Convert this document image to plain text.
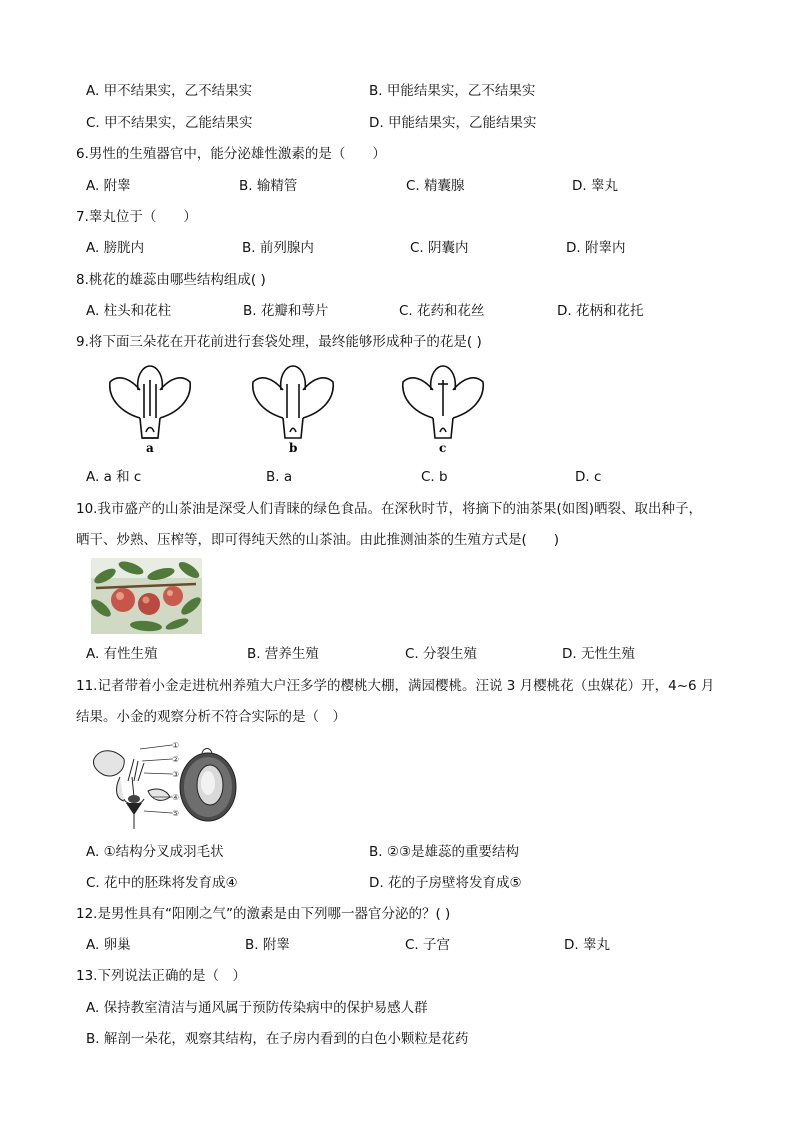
A. 甲不结果实，乙不结果实	B. 甲能结果实，乙不结果实
C. 甲不结果实，乙能结果实	D. 甲能结果实，乙能结果实
6.男性的生殖器官中，能分泌雄性激素的是（　　）
A. 附睾	B. 输精管	C. 精囊腺	D. 睾丸
7.睾丸位于（　　）
A. 膀胱内	B. 前列腺内	C. 阴囊内	D. 附睾内
8.桃花的雄蕊由哪些结构组成( )
A. 柱头和花柱	B. 花瓣和萼片	C. 花药和花丝	D. 花柄和花托
9.将下面三朵花在开花前进行套袋处理，最终能够形成种子的花是( )
a	b	c
A. a 和 c	B. a	C. b	D. c
10.我市盛产的山茶油是深受人们青睐的绿色食品。在深秋时节，将摘下的油茶果(如图)晒裂、取出种子，
晒干、炒熟、压榨等，即可得纯天然的山茶油。由此推测油茶的生殖方式是(　　)
A. 有性生殖	B. 营养生殖	C. 分裂生殖	D. 无性生殖
11.记者带着小金走进杭州养殖大户汪多学的樱桃大棚，满园樱桃。汪说 3 月樱桃花（虫媒花）开，4~6 月
结果。小金的观察分析不符合实际的是（　）
①
②
③
④
⑤
A. ①结构分叉成羽毛状	B. ②③是雄蕊的重要结构
C. 花中的胚珠将发育成④	D. 花的子房壁将发育成⑤
12.是男性具有“阳刚之气”的激素是由下列哪一器官分泌的？( )
A. 卵巢	B. 附睾	C. 子宫	D. 睾丸
13.下列说法正确的是（　）
A. 保持教室清洁与通风属于预防传染病中的保护易感人群
B. 解剖一朵花，观察其结构，在子房内看到的白色小颗粒是花药
